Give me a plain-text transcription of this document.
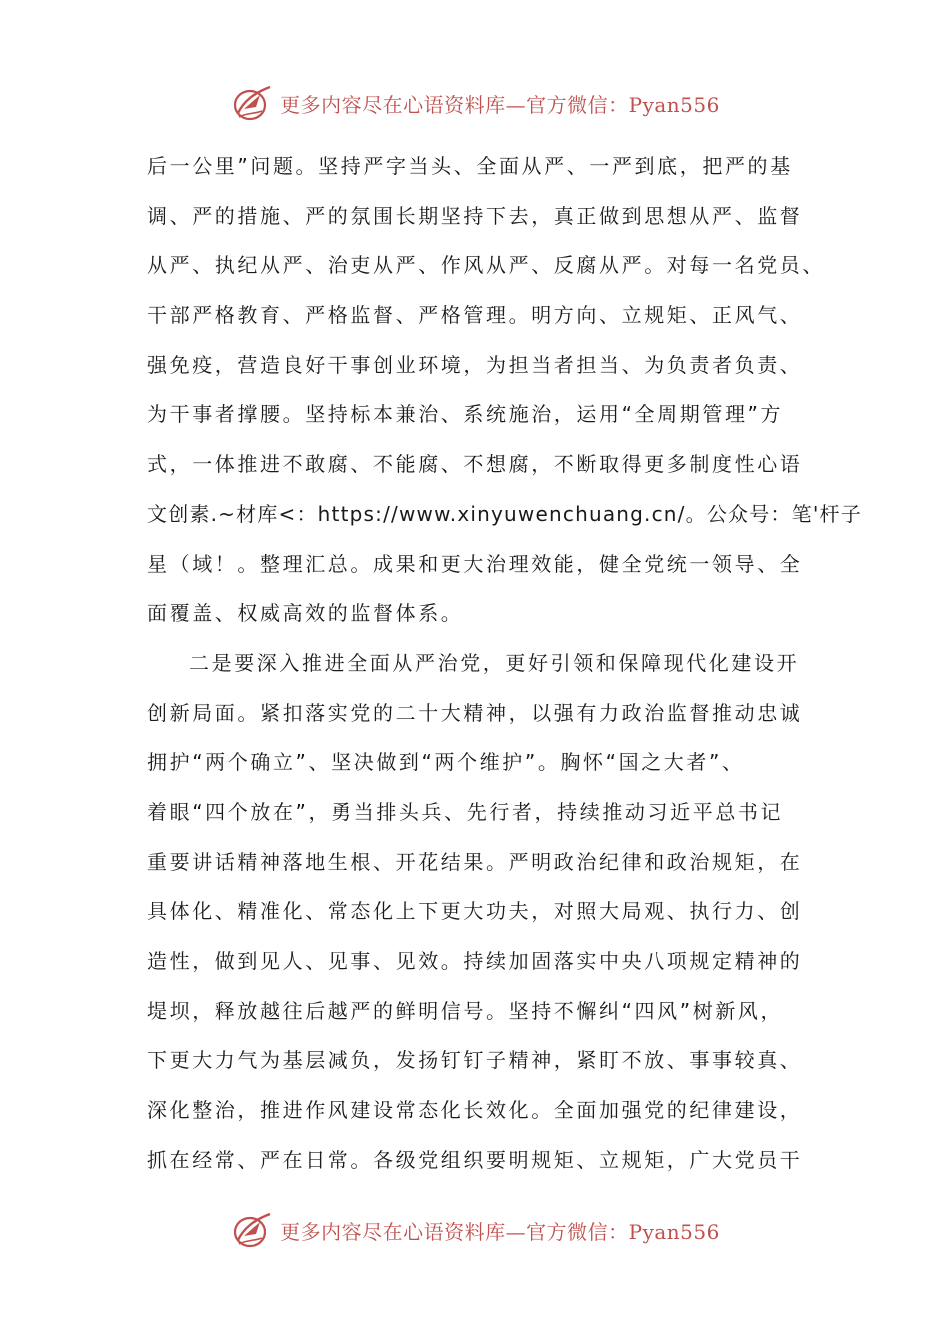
更多内容尽在心语资料库—官方微信：Pyan556
后一公里”问题。坚持严字当头、全面从严、一严到底，把严的基
调、严的措施、严的氛围长期坚持下去，真正做到思想从严、监督
从严、执纪从严、治吏从严、作风从严、反腐从严。对每一名党员、
干部严格教育、严格监督、严格管理。明方向、立规矩、正风气、
强免疫，营造良好干事创业环境，为担当者担当、为负责者负责、
为干事者撑腰。坚持标本兼治、系统施治，运用“全周期管理”方
式，一体推进不敢腐、不能腐、不想腐，不断取得更多制度性心语
文创素.~材库<：https://www.xinyuwenchuang.cn/。公众号：笔'杆子
星（域！。整理汇总。成果和更大治理效能，健全党统一领导、全
面覆盖、权威高效的监督体系。
二是要深入推进全面从严治党，更好引领和保障现代化建设开
创新局面。紧扣落实党的二十大精神，以强有力政治监督推动忠诚
拥护“两个确立”、坚决做到“两个维护”。胸怀“国之大者”、
着眼“四个放在”，勇当排头兵、先行者，持续推动习近平总书记
重要讲话精神落地生根、开花结果。严明政治纪律和政治规矩，在
具体化、精准化、常态化上下更大功夫，对照大局观、执行力、创
造性，做到见人、见事、见效。持续加固落实中央八项规定精神的
堤坝，释放越往后越严的鲜明信号。坚持不懈纠“四风”树新风，
下更大力气为基层减负，发扬钉钉子精神，紧盯不放、事事较真、
深化整治，推进作风建设常态化长效化。全面加强党的纪律建设，
抓在经常、严在日常。各级党组织要明规矩、立规矩，广大党员干
更多内容尽在心语资料库—官方微信：Pyan556
